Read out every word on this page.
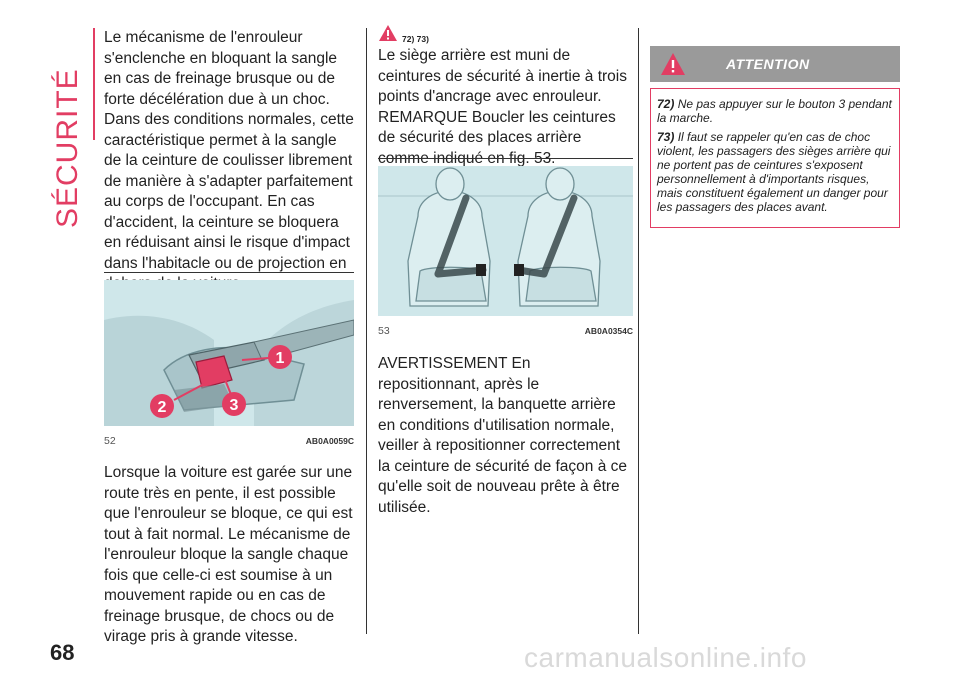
SÉCURITÉ
Le mécanisme de l'enrouleur s'enclenche en bloquant la sangle en cas de freinage brusque ou de forte décélération due à un choc. Dans des conditions normales, cette caractéristique permet à la sangle de la ceinture de coulisser librement de manière à s'adapter parfaitement au corps de l'occupant. En cas d'accident, la ceinture se bloquera en réduisant ainsi le risque d'impact dans l'habitacle ou de projection en
1
2	3
52	AB0A0059C
Lorsque la voiture est garée sur une route très en pente, il est possible que l'enrouleur se bloque, ce qui est tout à fait normal. Le mécanisme de l'enrouleur bloque la sangle chaque fois que celle-ci est soumise à un mouvement rapide ou en cas de freinage brusque, de chocs ou de virage pris à grande vitesse.
72) 73)
Le siège arrière est muni de ceintures de sécurité à inertie à trois points d'ancrage avec enrouleur. REMARQUE Boucler les ceintures de sécurité des places arrière comme indiqué en fig. 53.
53	AB0A0354C
AVERTISSEMENT En repositionnant, après le renversement, la banquette arrière en conditions d'utilisation normale, veiller à repositionner correctement la ceinture de sécurité de façon à ce qu'elle soit de nouveau prête à être utilisée.
ATTENTION

72) Ne pas appuyer sur le bouton 3 pendant la marche.

73) Il faut se rappeler qu'en cas de choc violent, les passagers des sièges arrière qui ne portent pas de ceintures s'exposent personnellement à d'importants risques, mais constituent également un danger pour les passagers des places avant.

68	carmanualsonline.info
